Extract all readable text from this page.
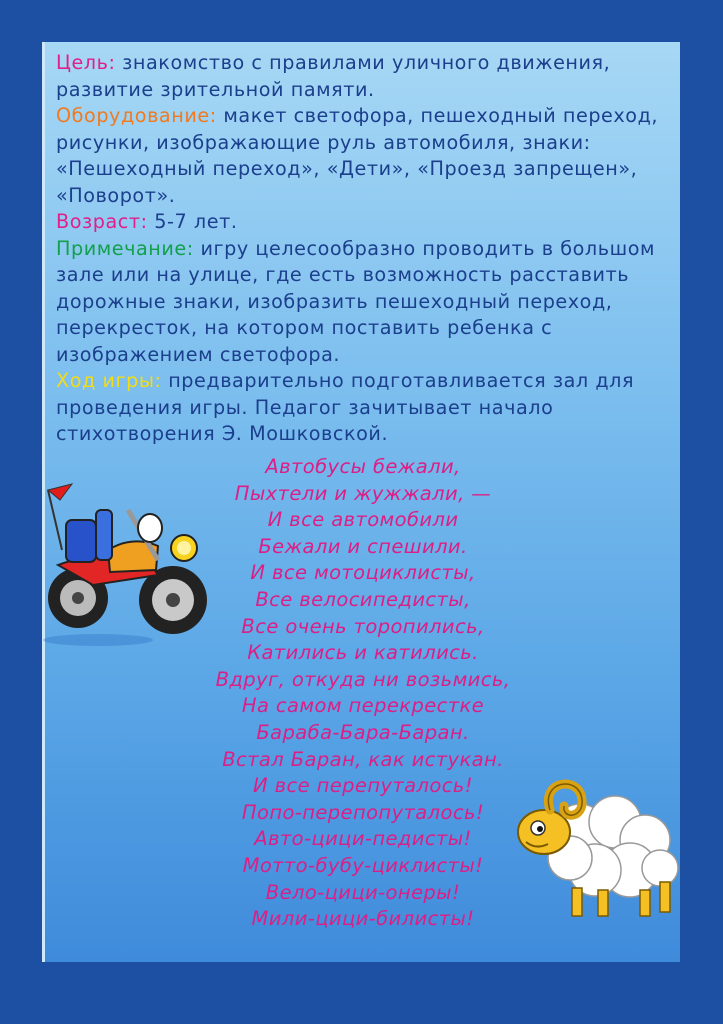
Цель: знакомство с правилами уличного движения, развитие зрительной памяти.

Оборудование: макет светофора, пешеходный переход, рисунки, изображающие руль автомобиля, знаки: «Пешеходный переход», «Дети», «Проезд запрещен», «Поворот».

Возраст: 5-7 лет.

Примечание: игру целесообразно проводить в большом зале или на улице, где есть возможность расставить дорожные знаки, изобразить пешеходный переход, перекресток, на котором поставить ребенка с изображением светофора.

Ход игры: предварительно подготавливается зал для проведения игры. Педагог зачитывает начало стихотворения Э. Мошковской.

Автобусы бежали,
Пыхтели и жужжали, —
И все автомобили
Бежали и спешили.
И все мотоциклисты,
Все велосипедисты,
Все очень торопились,
Катились и катились.
Вдруг, откуда ни возьмись,
На самом перекрестке
Бараба-Бара-Баран.
Встал Баран, как истукан.
И все перепуталось!
Попо-перепопуталось!
Авто-цици-педисты!
Мотто-бубу-циклисты!
Вело-цици-онеры!
Мили-цици-билисты!
